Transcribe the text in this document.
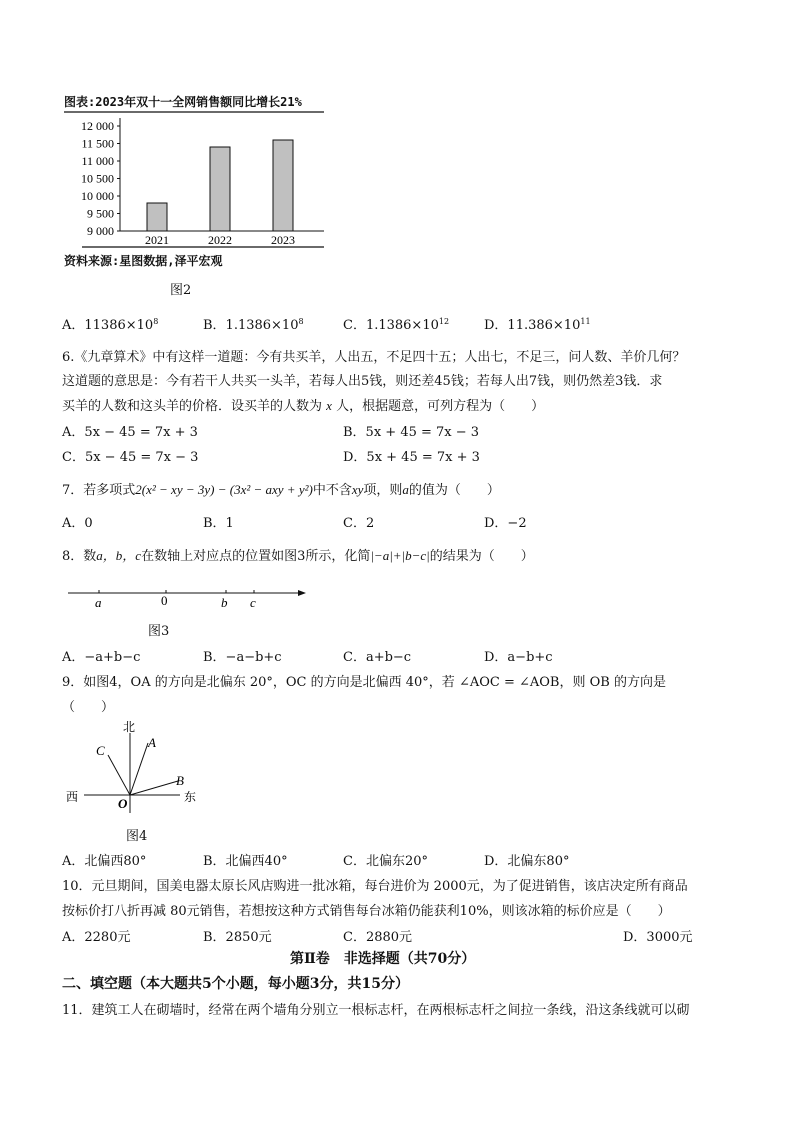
图表:2023年双十一全网销售额同比增长21%
12 000
11 500
11 000
10 500
10 000
9 500
9 000
2021	2022	2023
资料来源:星图数据,泽平宏观
图2
A．$11386\times 10^8$	B．$1.1386\times 10^8$	C．$1.1386\times 10^{12}$	D．$11.386\times 10^{11}$
6.《九章算术》中有这样一道题：今有共买羊，人出五，不足四十五；人出七，不足三，问人数、羊价几何？
这道题的意思是：今有若干人共买一头羊，若每人出5钱，则还差45钱；若每人出7钱，则仍然差3钱．求
买羊的人数和这头羊的价格．设买羊的人数为 x 人，根据题意，可列方程为（　　）
A．5x − 45 = 7x + 3	B．5x + 45 = 7x − 3
C．5x − 45 = 7x − 3	D．5x + 45 = 7x + 3
7．若多项式2(x² − xy − 3y) − (3x² − axy + y²)中不含xy项，则a的值为（　　）
A．0	B．1	C．2	D．−2
8．数a，b，c在数轴上对应点的位置如图3所示，化简|−a|+|b−c|的结果为（　　）
a	0	b c
图3
A．−a+b−c	B．−a−b+c	C．a+b−c	D．a−b+c
9．如图4，OA 的方向是北偏东 20°，OC 的方向是北偏西 40°，若 ∠AOC = ∠AOB，则 OB 的方向是
（　　）
北
西	东
O
A
B
C
图4
A．北偏西80°	B．北偏西40°	C．北偏东20°	D．北偏东80°
10．元旦期间，国美电器太原长风店购进一批冰箱，每台进价为 2000元，为了促进销售，该店决定所有商品
按标价打八折再减 80元销售，若想按这种方式销售每台冰箱仍能获利10%，则该冰箱的标价应是（　　）
A．2280元	B．2850元	C．2880元	D．3000元
第Ⅱ卷　非选择题（共70分）
二、填空题（本大题共5个小题，每小题3分，共15分）
11．建筑工人在砌墙时，经常在两个墙角分别立一根标志杆，在两根标志杆之间拉一条线，沿这条线就可以砌
